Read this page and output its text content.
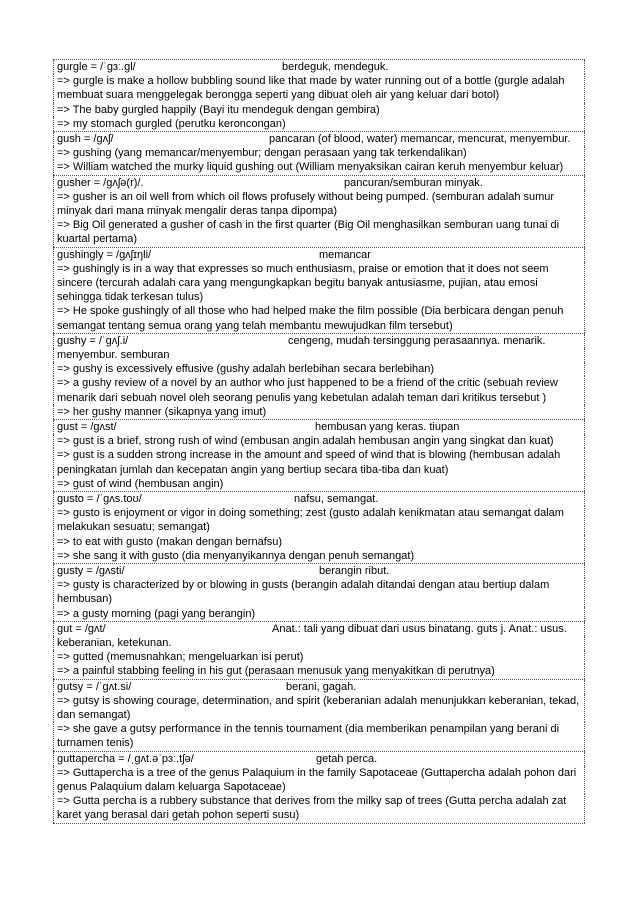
gurgle = /ˈɡɜː.ɡl/	berdeguk, mendeguk.
=> gurgle is make a hollow bubbling sound like that made by water running out of a bottle (gurgle adalah membuat suara menggelegak berongga seperti yang dibuat oleh air yang keluar dari botol)
=> The baby gurgled happily (Bayi itu mendeguk dengan gembira)
=> my stomach gurgled (perutku keroncongan)
gush = /ɡʌʃ/	pancaran (of blood, water) memancar, mencurat, menyembur.
=> gushing (yang memancar/menyembur; dengan perasaan yang tak terkendalikan)
=> William watched the murky liquid gushing out (William menyaksikan cairan keruh menyembur keluar)
gusher = /ɡʌʃə(r)/.	pancuran/semburan minyak.
=> gusher is an oil well from which oil flows profusely without being pumped. (semburan adalah sumur minyak dari mana minyak mengalir deras tanpa dipompa)
=> Big Oil generated a gusher of cash in the first quarter (Big Oil menghasilkan semburan uang tunai di kuartal pertama)
gushingly = /ɡʌʃɪŋli/	memancar
=> gushingly is in a way that expresses so much enthusiasm, praise or emotion that it does not seem sincere (tercurah adalah cara yang mengungkapkan begitu banyak antusiasme, pujian, atau emosi sehingga tidak terkesan tulus)
=> He spoke gushingly of all those who had helped make the film possible (Dia berbicara dengan penuh semangat tentang semua orang yang telah membantu mewujudkan film tersebut)
gushy = /ˈɡʌʃ.i/	cengeng, mudah tersinggung perasaannya. menarik.
menyembur. semburan
=> gushy is excessively effusive (gushy adalah berlebihan secara berlebihan)
=> a gushy review of a novel by an author who just happened to be a friend of the critic (sebuah review menarik dari sebuah novel oleh seorang penulis yang kebetulan adalah teman dari kritikus tersebut )
=> her gushy manner (sikapnya yang imut)
gust = /ɡʌst/	hembusan yang keras. tiupan
=> gust is a brief, strong rush of wind (embusan angin adalah hembusan angin yang singkat dan kuat)
=> gust is a sudden strong increase in the amount and speed of wind that is blowing (hembusan adalah peningkatan jumlah dan kecepatan angin yang bertiup secara tiba-tiba dan kuat)
=> gust of wind (hembusan angin)
gusto = /ˈɡʌs.toʊ/	nafsu, semangat.
=> gusto is enjoyment or vigor in doing something; zest (gusto adalah kenikmatan atau semangat dalam melakukan sesuatu; semangat)
=> to eat with gusto (makan dengan bernafsu)
=> she sang it with gusto (dia menyanyikannya dengan penuh semangat)
gusty = /ɡʌsti/	berangin ribut.
=> gusty is characterized by or blowing in gusts (berangin adalah ditandai dengan atau bertiup dalam hembusan)
=> a gusty morning (pagi yang berangin)
gut = /ɡʌt/	Anat.: tali yang dibuat dari usus binatang. guts j. Anat.: usus.
keberanian, ketekunan.
=> gutted (memusnahkan; mengeluarkan isi perut)
=> a painful stabbing feeling in his gut (perasaan menusuk yang menyakitkan di perutnya)
gutsy = /ˈɡʌt.si/	berani, gagah.
=> gutsy is showing courage, determination, and spirit (keberanian adalah menunjukkan keberanian, tekad, dan semangat)
=> she gave a gutsy performance in the tennis tournament (dia memberikan penampilan yang berani di turnamen tenis)
guttapercha = /ˌɡʌt.əˈpɜː.tʃə/	getah perca.
=> Guttapercha is a tree of the genus Palaquium in the family Sapotaceae (Guttapercha adalah pohon dari genus Palaquium dalam keluarga Sapotaceae)
=> Gutta percha is a rubbery substance that derives from the milky sap of trees (Gutta percha adalah zat karet yang berasal dari getah pohon seperti susu)
